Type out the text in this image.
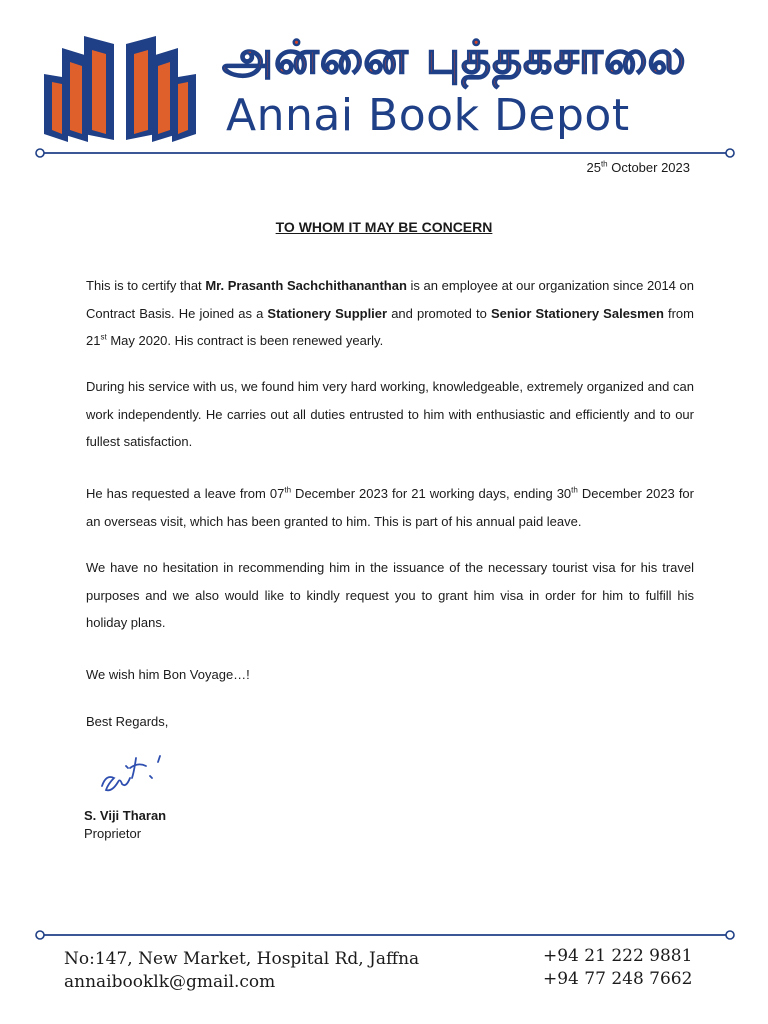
அன்னை புத்தகசாலை
Annai Book Depot
25th October 2023
TO WHOM IT MAY BE CONCERN
This is to certify that Mr. Prasanth Sachchithananthan is an employee at our organization since 2014 on Contract Basis. He joined as a Stationery Supplier and promoted to Senior Stationery Salesmen from 21st May 2020. His contract is been renewed yearly.
During his service with us, we found him very hard working, knowledgeable, extremely organized and can work independently. He carries out all duties entrusted to him with enthusiastic and efficiently and to our fullest satisfaction.
He has requested a leave from 07th December 2023 for 21 working days, ending 30th December 2023 for an overseas visit, which has been granted to him. This is part of his annual paid leave.
We have no hesitation in recommending him in the issuance of the necessary tourist visa for his travel purposes and we also would like to kindly request you to grant him visa in order for him to fulfill his holiday plans.
We wish him Bon Voyage…!
Best Regards,
S. Viji Tharan
Proprietor
No:147, New Market, Hospital Rd, Jaffna
annaibooklk@gmail.com
+94 21 222 9881
+94 77 248 7662
